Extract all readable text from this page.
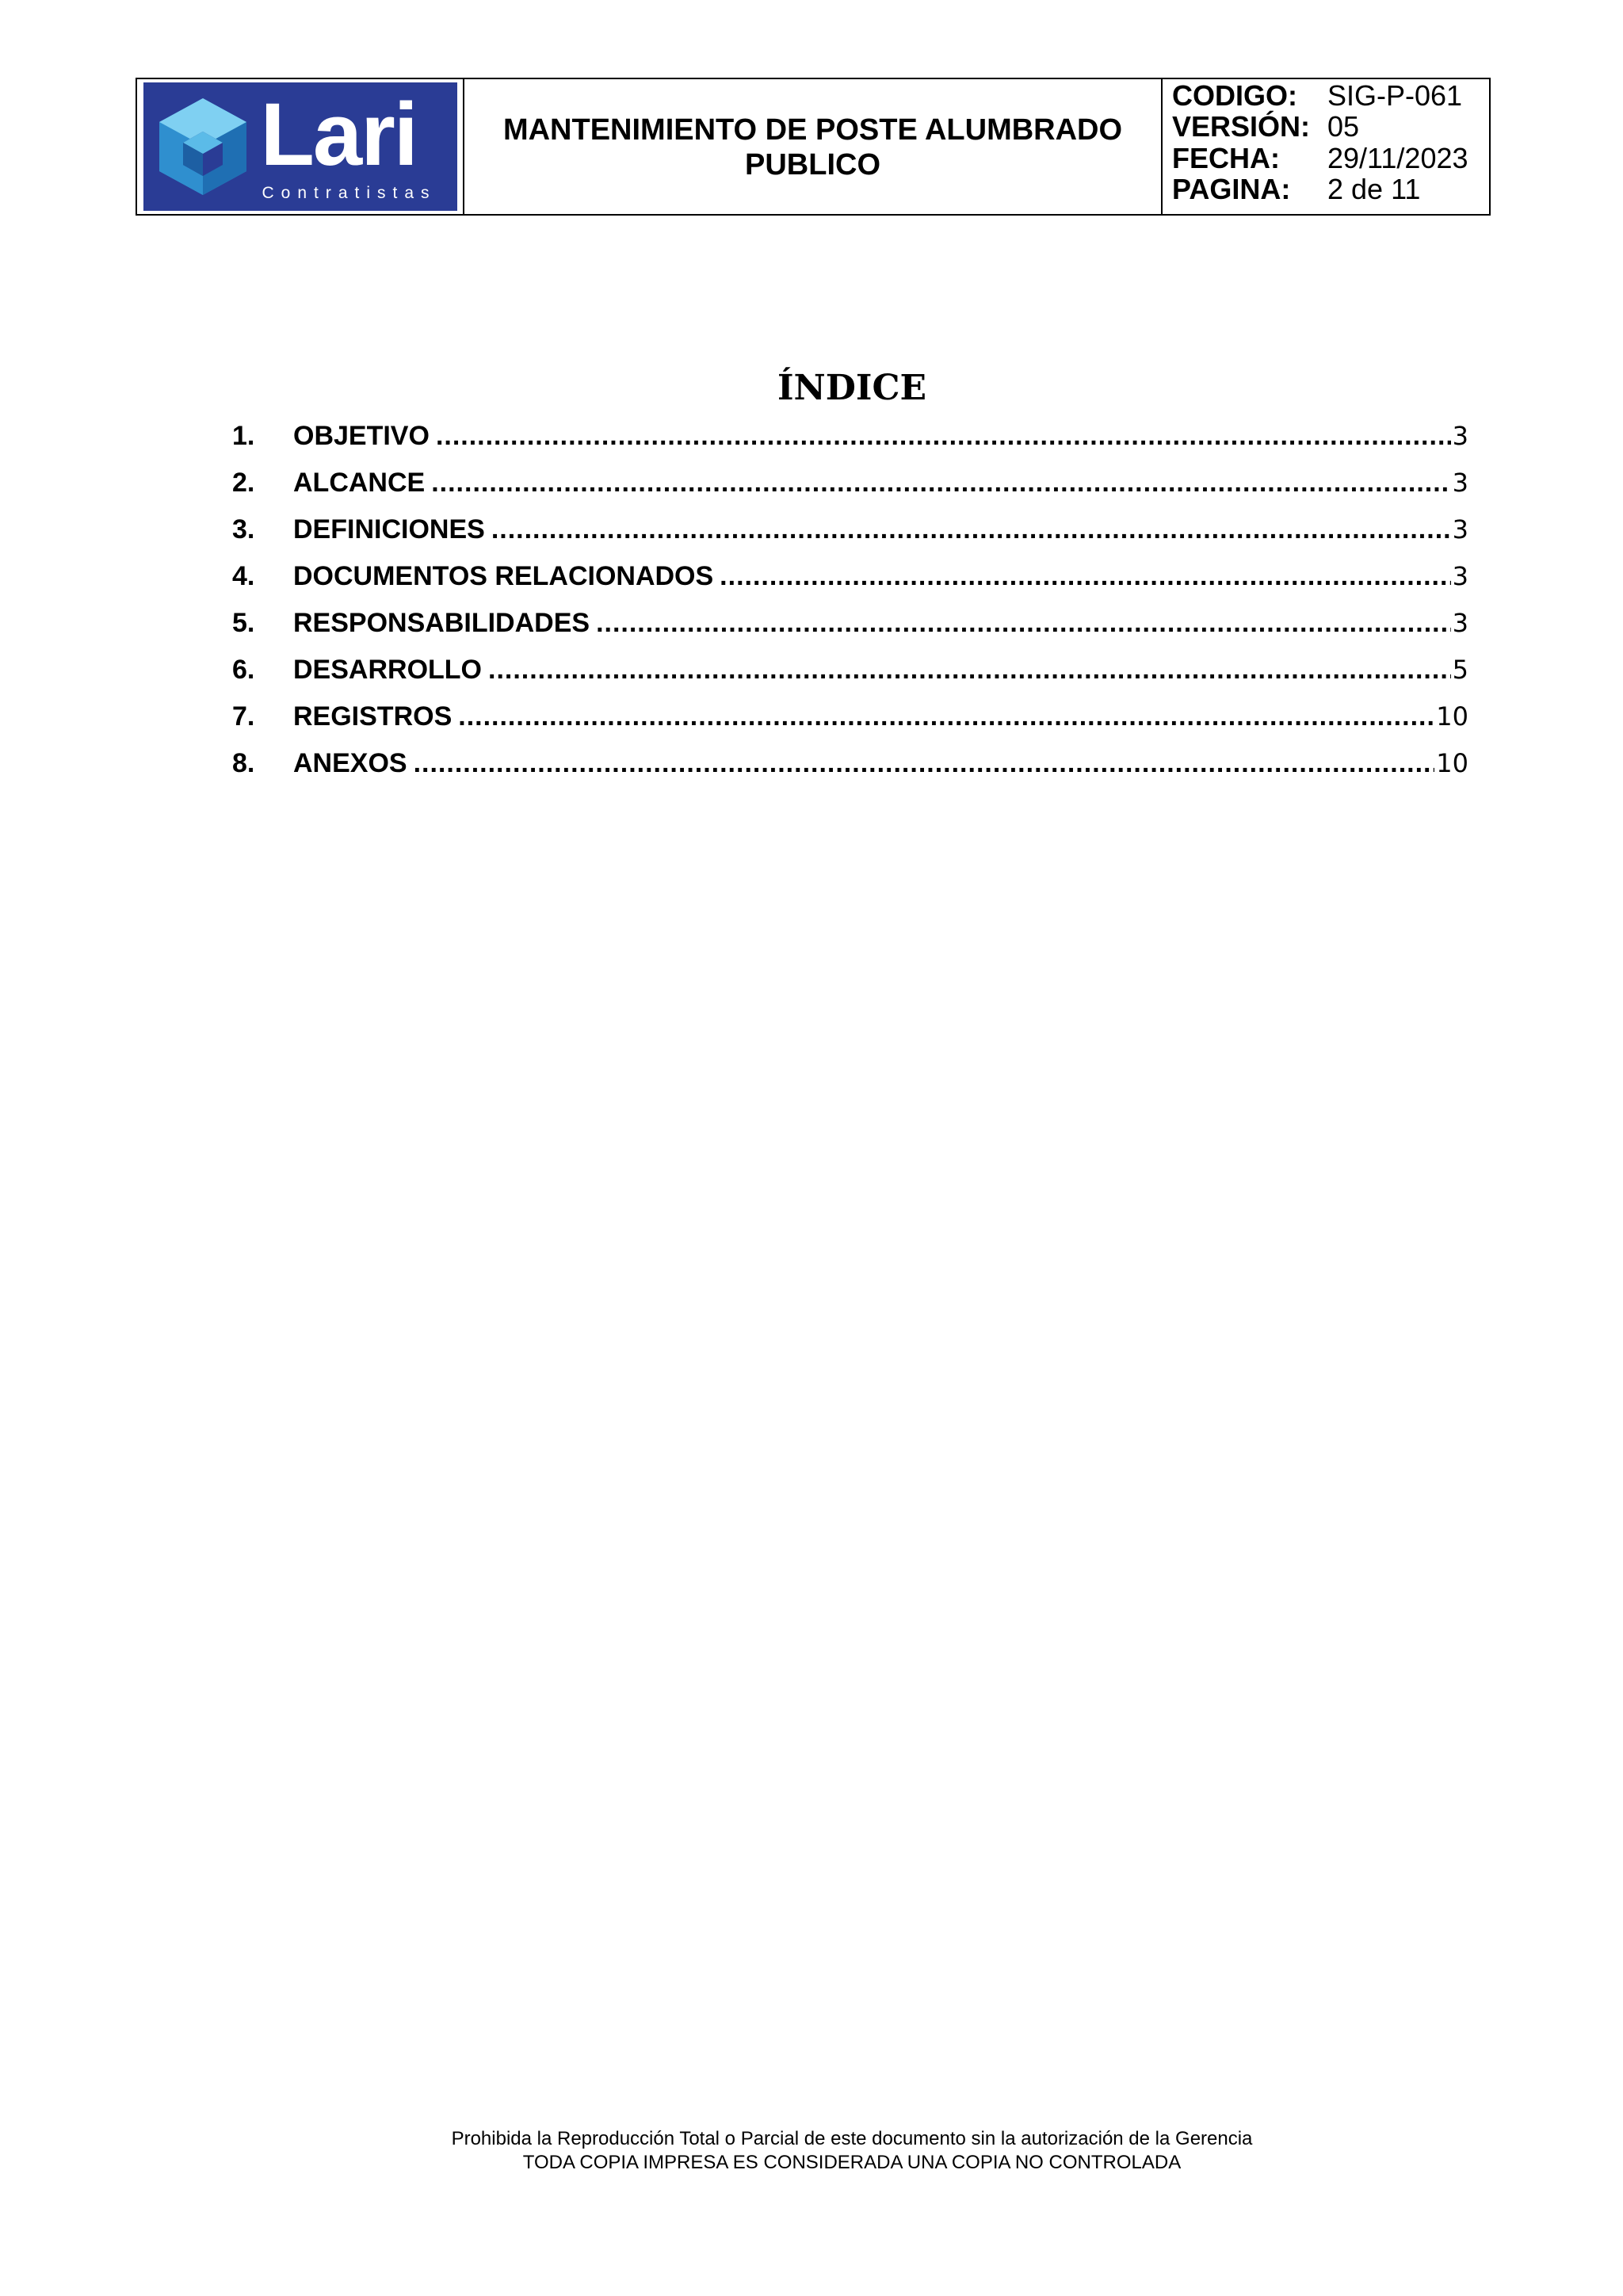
Lari
Contratistas
MANTENIMIENTO DE POSTE ALUMBRADO
PUBLICO
CODIGO:	SIG-P-061
VERSIÓN: 05
FECHA:	29/11/2023
PAGINA:	2 de 11
ÍNDICE
1.	OBJETIVO .....	3
2.	ALCANCE .....	3
3.	DEFINICIONES .....	3
4.	DOCUMENTOS RELACIONADOS .....	3
5.	RESPONSABILIDADES .....	3
6.	DESARROLLO .....	5
7.	REGISTROS .....	10
8.	ANEXOS .....	10
Prohibida la Reproducción Total o Parcial de este documento sin la autorización de la Gerencia
TODA COPIA IMPRESA ES CONSIDERADA UNA COPIA NO CONTROLADA
